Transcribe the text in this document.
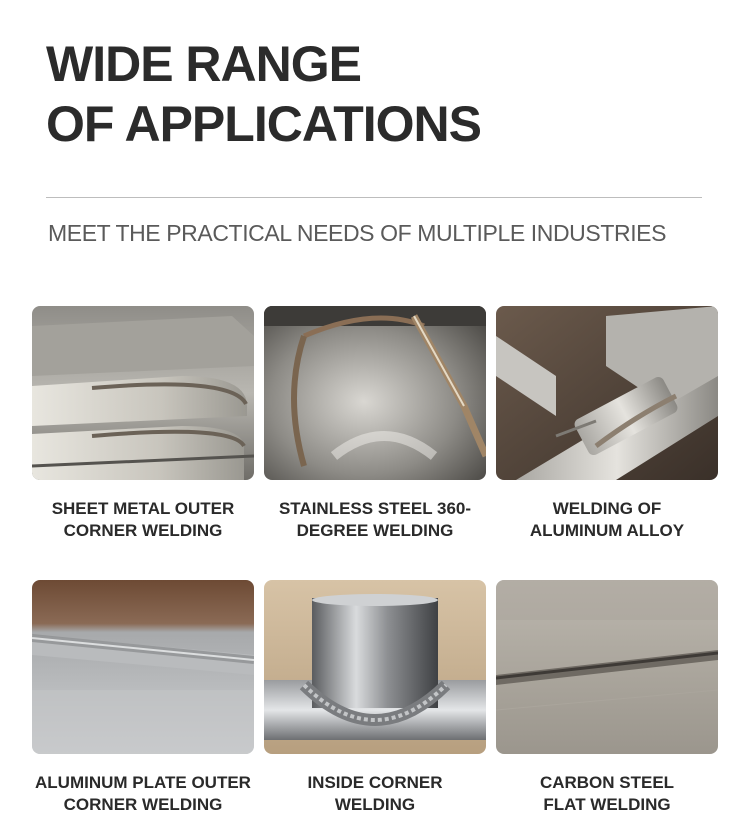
WIDE RANGE
OF APPLICATIONS
MEET THE PRACTICAL NEEDS OF MULTIPLE INDUSTRIES
SHEET METAL OUTER
CORNER WELDING
STAINLESS STEEL 360-
DEGREE WELDING
WELDING OF
ALUMINUM ALLOY
ALUMINUM PLATE OUTER
CORNER WELDING
INSIDE CORNER
WELDING
CARBON STEEL
FLAT WELDING
